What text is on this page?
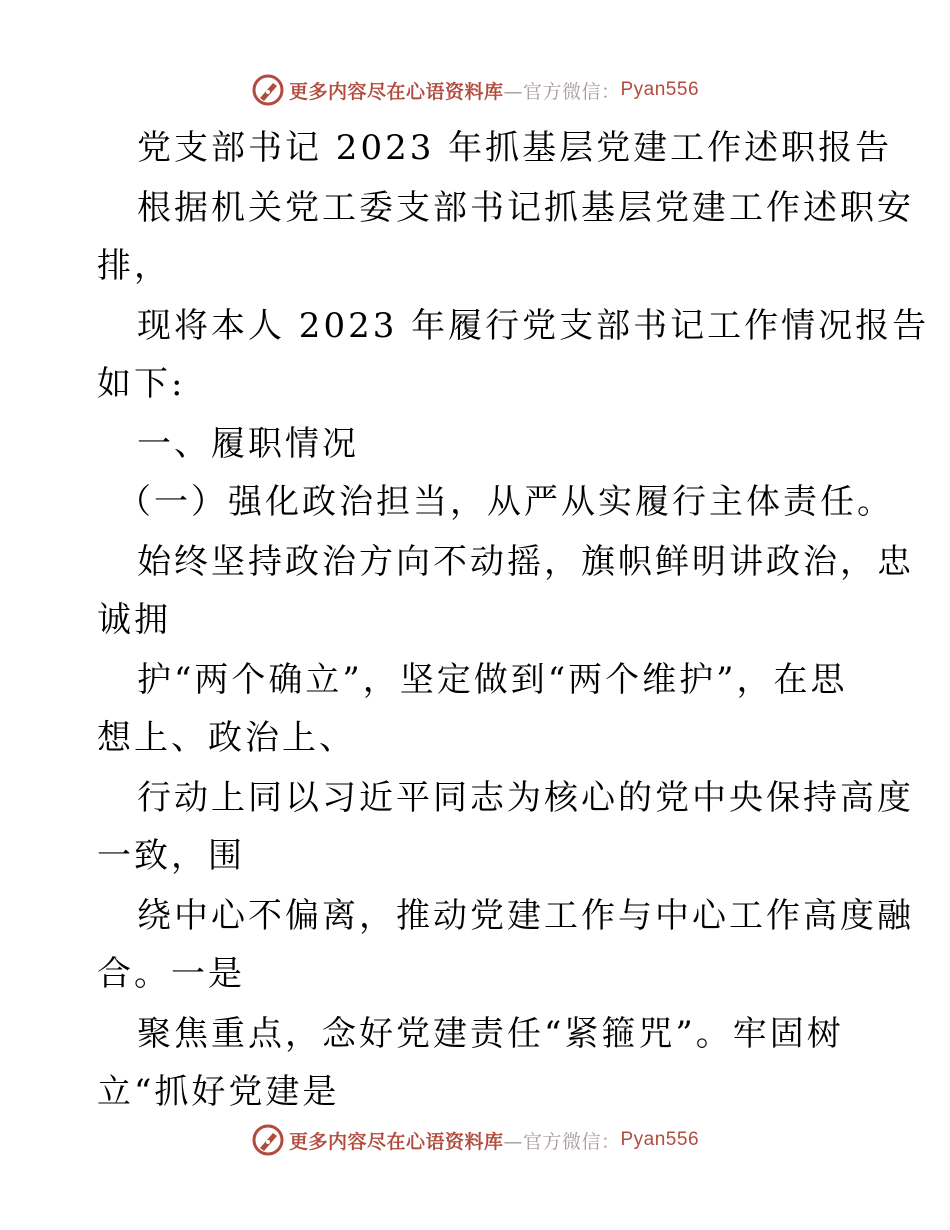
更多内容尽在心语资料库 —官方微信： Pyan556
党支部书记 2023 年抓基层党建工作述职报告
根据机关党工委支部书记抓基层党建工作述职安
排，
现将本人 2023 年履行党支部书记工作情况报告
如下:
一、履职情况
（一）强化政治担当，从严从实履行主体责任。
始终坚持政治方向不动摇，旗帜鲜明讲政治，忠
诚拥
护“两个确立”，坚定做到“两个维护”，在思
想上、政治上、
行动上同以习近平同志为核心的党中央保持高度
一致，围
绕中心不偏离，推动党建工作与中心工作高度融
合。一是
聚焦重点，念好党建责任“紧箍咒”。牢固树
立“抓好党建是
更多内容尽在心语资料库 —官方微信： Pyan556
